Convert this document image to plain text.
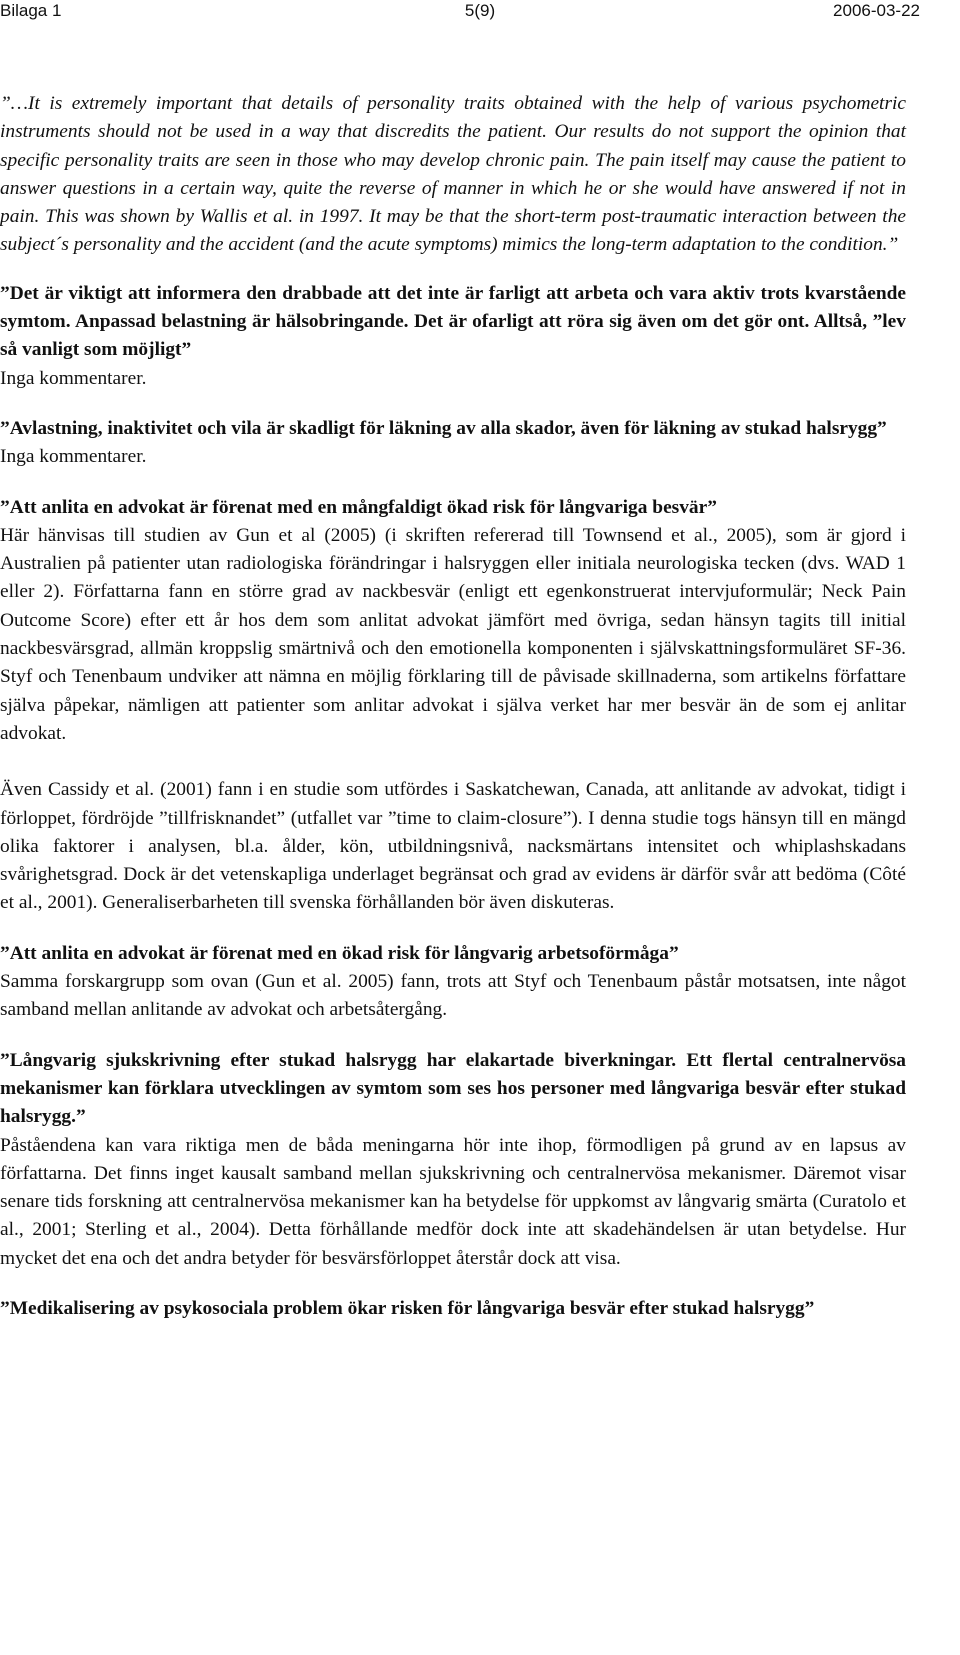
Bilaga 1	5(9)	2006-03-22

”…It is extremely important that details of personality traits obtained with the help of various psychometric instruments should not be used in a way that discredits the patient. Our results do not support the opinion that specific personality traits are seen in those who may develop chronic pain. The pain itself may cause the patient to answer questions in a certain way, quite the reverse of manner in which he or she would have answered if not in pain. This was shown by Wallis et al. in 1997. It may be that the short-term post-traumatic interaction between the subject´s personality and the accident (and the acute symptoms) mimics the long-term adaptation to the condition.”

”Det är viktigt att informera den drabbade att det inte är farligt att arbeta och vara aktiv trots kvarstående symtom. Anpassad belastning är hälsobringande. Det är ofarligt att röra sig även om det gör ont. Alltså, ”lev så vanligt som möjligt”

Inga kommentarer.

”Avlastning, inaktivitet och vila är skadligt för läkning av alla skador, även för läkning av stukad halsrygg”

Inga kommentarer.

”Att anlita en advokat är förenat med en mångfaldigt ökad risk för långvariga besvär”

Här hänvisas till studien av Gun et al (2005) (i skriften refererad till Townsend et al., 2005), som är gjord i Australien på patienter utan radiologiska förändringar i halsryggen eller initiala neurologiska tecken (dvs. WAD 1 eller 2). Författarna fann en större grad av nackbesvär (enligt ett egenkonstruerat intervjuformulär; Neck Pain Outcome Score) efter ett år hos dem som anlitat advokat jämfört med övriga, sedan hänsyn tagits till initial nackbesvärsgrad, allmän kroppslig smärtnivå och den emotionella komponenten i självskattningsformuläret SF-36. Styf och Tenenbaum undviker att nämna en möjlig förklaring till de påvisade skillnaderna, som artikelns författare själva påpekar, nämligen att patienter som anlitar advokat i själva verket har mer besvär än de som ej anlitar advokat.

Även Cassidy et al. (2001) fann i en studie som utfördes i Saskatchewan, Canada, att anlitande av advokat, tidigt i förloppet, fördröjde ”tillfrisknandet” (utfallet var ”time to claim-closure”). I denna studie togs hänsyn till en mängd olika faktorer i analysen, bl.a. ålder, kön, utbildningsnivå, nacksmärtans intensitet och whiplashskadans svårighetsgrad. Dock är det vetenskapliga underlaget begränsat och grad av evidens är därför svår att bedöma (Côté et al., 2001). Generaliserbarheten till svenska förhållanden bör även diskuteras.

”Att anlita en advokat är förenat med en ökad risk för långvarig arbetsoförmåga”

Samma forskargrupp som ovan (Gun et al. 2005) fann, trots att Styf och Tenenbaum påstår motsatsen, inte något samband mellan anlitande av advokat och arbetsåtergång.

”Långvarig sjukskrivning efter stukad halsrygg har elakartade biverkningar. Ett flertal centralnervösa mekanismer kan förklara utvecklingen av symtom som ses hos personer med långvariga besvär efter stukad halsrygg.”

Påståendena kan vara riktiga men de båda meningarna hör inte ihop, förmodligen på grund av en lapsus av författarna. Det finns inget kausalt samband mellan sjukskrivning och centralnervösa mekanismer. Däremot visar senare tids forskning att centralnervösa mekanismer kan ha betydelse för uppkomst av långvarig smärta (Curatolo et al., 2001; Sterling et al., 2004). Detta förhållande medför dock inte att skadehändelsen är utan betydelse. Hur mycket det ena och det andra betyder för besvärsförloppet återstår dock att visa.

”Medikalisering av psykosociala problem ökar risken för långvariga besvär efter stukad halsrygg”
